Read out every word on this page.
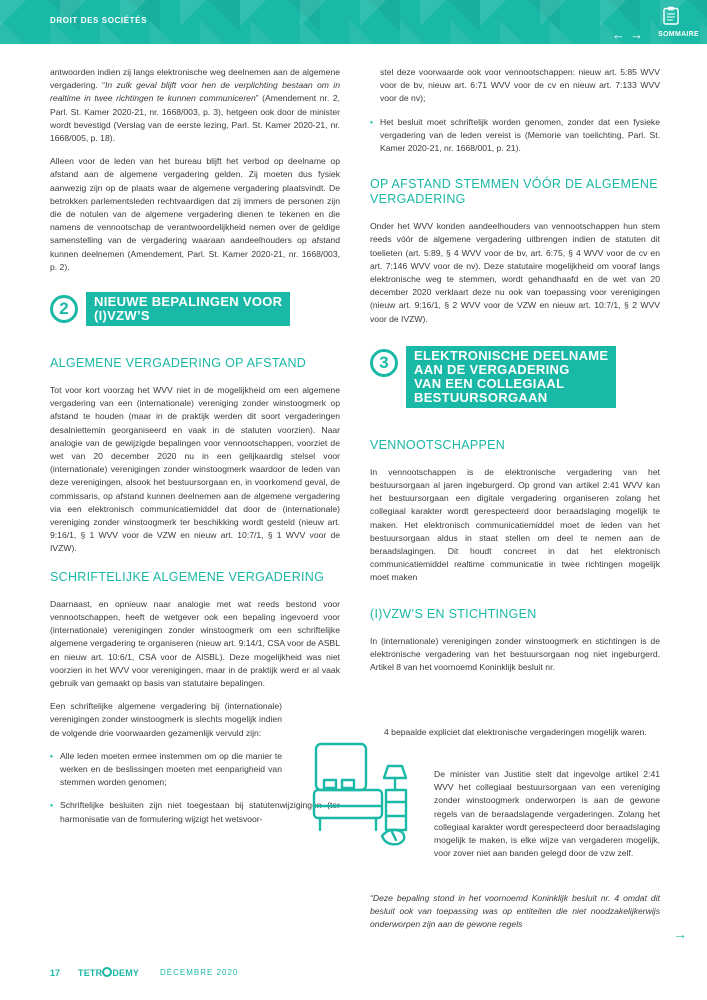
DROIT DES SOCIÉTÉS
← → SOMMAIRE

antwoorden indien zij langs elektronische weg deelnemen aan de algemene vergadering. “In zulk geval blijft voor hen de verplichting bestaan om in realtime in twee richtingen te kunnen communiceren” (Amendement nr. 2, Parl. St. Kamer 2020-21, nr. 1668/003, p. 3), hetgeen ook door de minister wordt bevestigd (Verslag van de eerste lezing, Parl. St. Kamer 2020-21, nr. 1668/005, p. 18).

Alleen voor de leden van het bureau blijft het verbod op deelname op afstand aan de algemene vergadering gelden. Zij moeten dus fysiek aanwezig zijn op de plaats waar de algemene vergadering plaatsvindt. De betrokken parlementsleden rechtvaardigen dat zij immers de personen zijn die de notulen van de algemene vergadering dienen te tekenen en die namens de vennootschap de verantwoordelijkheid nemen over de geldige samenstelling van de vergadering waaraan aandeelhouders op afstand kunnen deelnemen (Amendement, Parl. St. Kamer 2020-21, nr. 1668/003, p. 2).

2	NIEUWE BEPALINGEN VOOR
(I)VZW’S
ALGEMENE VERGADERING OP AFSTAND

Tot voor kort voorzag het WVV niet in de mogelijkheid om een algemene vergadering van een (internationale) vereniging zonder winstoogmerk op afstand te houden (maar in de praktijk werden dit soort vergaderingen desalniettemin georganiseerd en vaak in de statuten voorzien). Naar analogie van de gewijzigde bepalingen voor vennootschappen, voorziet de wet van 20 december 2020 nu in een gelijkaardig stelsel voor (internationale) verenigingen zonder winstoogmerk waardoor de leden van deze verenigingen, alsook het bestuursorgaan en, in voorkomend geval, de commissaris, op afstand kunnen deelnemen aan de algemene vergadering via een elektronisch communicatiemiddel dat door de (internationale) vereniging zonder winstoogmerk ter beschikking wordt gesteld (nieuw art. 9:16/1, § 1 WVV voor de VZW en nieuw art. 10:7/1, § 1 WVV voor de IVZW).

SCHRIFTELIJKE ALGEMENE VERGADERING

Daarnaast, en opnieuw naar analogie met wat reeds bestond voor vennootschappen, heeft de wetgever ook een bepaling ingevoerd voor (internationale) verenigingen zonder winstoogmerk om een schriftelijke algemene vergadering te organiseren (nieuw art. 9:14/1, CSA voor de ASBL en nieuw art. 10:6/1, CSA voor de AISBL). Deze mogelijkheid was niet voorzien in het WVV voor verenigingen, maar in de praktijk werd er al vaak gebruik van gemaakt op basis van statutaire bepalingen.

Een schriftelijke algemene vergadering bij (internationale) verenigingen zonder winstoogmerk is slechts mogelijk indien de volgende drie voorwaarden gezamenlijk vervuld zijn:

• Alle leden moeten ermee instemmen om op die manier te werken en de beslissingen moeten met eenparigheid van stemmen worden genomen;
• Schriftelijke besluiten zijn niet toegestaan bij statutenwijzigingen (ter harmonisatie van de formulering wijzigt het wetsvoor-

stel deze voorwaarde ook voor vennootschappen: nieuw art. 5:85 WVV voor de bv, nieuw art. 6:71 WVV voor de cv en nieuw art. 7:133 WVV voor de nv);

• Het besluit moet schriftelijk worden genomen, zonder dat een fysieke vergadering van de leden vereist is (Memorie van toelichting, Parl. St. Kamer 2020-21, nr. 1668/001, p. 21).
OP AFSTAND STEMMEN VÓÓR DE ALGEMENE VERGADERING

Onder het WVV konden aandeelhouders van vennootschappen hun stem reeds vóór de algemene vergadering uitbrengen indien de statuten dit toelieten (art. 5:89, § 4 WVV voor de bv, art. 6:75, § 4 WVV voor de cv en art. 7:146 WVV voor de nv). Deze statutaire mogelijkheid om vooraf langs elektronische weg te stemmen, wordt gehandhaafd en de wet van 20 december 2020 verklaart deze nu ook van toepassing voor verenigingen (nieuw art. 9:16/1, § 2 WVV voor de VZW en nieuw art. 10:7/1, § 2 WVV voor de IVZW).

3	ELEKTRONISCHE DEELNAME
AAN DE VERGADERING
VAN EEN COLLEGIAAL
BESTUURSORGAAN
VENNOOTSCHAPPEN

In vennootschappen is de elektronische vergadering van het bestuursorgaan al jaren ingeburgerd. Op grond van artikel 2:41 WVV kan het bestuursorgaan een digitale vergadering organiseren zolang het collegiaal karakter wordt gerespecteerd door beraadslaging mogelijk te maken. Het elektronisch communicatiemiddel moet de leden van het bestuursorgaan aldus in staat stellen om deel te nemen aan de beraadslagingen. Dit houdt concreet in dat het elektronisch communicatiemiddel realtime communicatie in twee richtingen mogelijk moet maken

(I)VZW’S EN STICHTINGEN

In (internationale) verenigingen zonder winstoogmerk en stichtingen is de elektronische vergadering van het bestuursorgaan nog niet ingeburgerd. Artikel 8 van het voornoemd Koninklijk besluit nr.

4 bepaalde expliciet dat elektronische vergaderingen mogelijk waren.
De minister van Justitie stelt dat ingevolge artikel 2:41 WVV het collegiaal bestuursorgaan van een vereniging zonder winstoogmerk onderworpen is aan de gewone regels van de beraadslagende vergaderingen. Zolang het collegiaal karakter wordt gerespecteerd door beraadslaging mogelijk te maken, is elke wijze van vergaderen mogelijk, voor zover niet aan banden gelegd door de vzw zelf.
“Deze bepaling stond in het voornoemd Koninklijk besluit nr. 4 omdat dit besluit ook van toepassing was op entiteiten die niet noodzakelijkerwijs onderworpen zijn aan de gewone regels
→
17 TETR DEMY	DÉCEMBRE 2020
